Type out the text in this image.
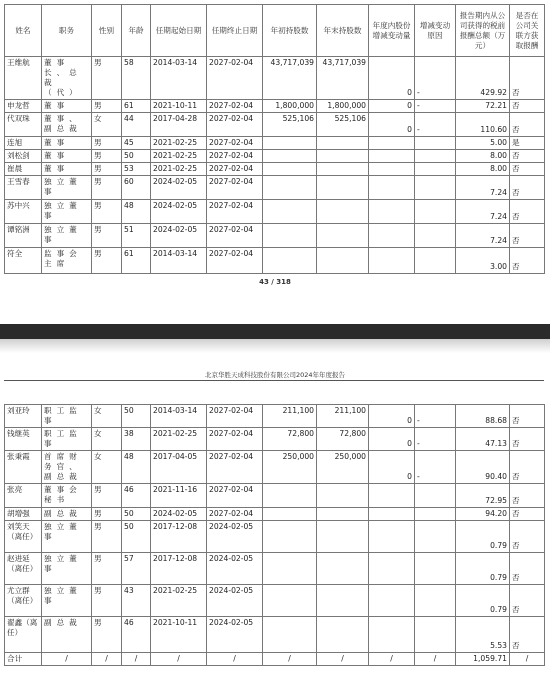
姓名	职务	性别	年龄	任期起始日期	任期终止日期	年初持股数	年末持股数	年度内股份增减变动量	增减变动原因	报告期内从公司获得的税前报酬总额（万元）	是否在公司关联方获取报酬
王维航	董事长、总裁（代）	男	58	2014-03-14	2027-02-04	43,717,039	43,717,039	0	-	429.92	否
申龙哲	董事	男	61	2021-10-11	2027-02-04	1,800,000	1,800,000	0	-	72.21	否
代双珠	董事、副总裁	女	44	2017-04-28	2027-02-04	525,106	525,106	0	-	110.60	否
连旭	董事	男	45	2021-02-25	2027-02-04					5.00	是
刘松剑	董事	男	50	2021-02-25	2027-02-04					8.00	否
崔晨	董事	男	53	2021-02-25	2027-02-04					8.00	否
王雪春	独立董事	男	60	2024-02-05	2027-02-04					7.24	否
苏中兴	独立董事	男	48	2024-02-05	2027-02-04					7.24	否
谭铭洲	独立董事	男	51	2024-02-05	2027-02-04					7.24	否
符全	监事会主席	男	61	2014-03-14	2027-02-04					3.00	否
43 / 318
北京华胜天成科技股份有限公司2024年年度报告
刘亚玲	职工监事	女	50	2014-03-14	2027-02-04	211,100	211,100	0	-	88.68	否
钱继英	职工监事	女	38	2021-02-25	2027-02-04	72,800	72,800	0	-	47.13	否
张秉霞	首席财务官、副总裁	女	48	2017-04-05	2027-02-04	250,000	250,000	0	-	90.40	否
张亮	董事会秘书	男	46	2021-11-16	2027-02-04					72.95	否
胡增强	副总裁	男	50	2024-02-05	2027-02-04					94.20	否
刘笑天（离任）	独立董事	男	50	2017-12-08	2024-02-05					0.79	否
赵进延（离任）	独立董事	男	57	2017-12-08	2024-02-05					0.79	否
尤立群（离任）	独立董事	男	43	2021-02-25	2024-02-05					0.79	否
翟鑫（离任）	副总裁	男	46	2021-10-11	2024-02-05					5.53	否
合计	/	/	/	/	/	/	/	/	/	1,059.71	/
